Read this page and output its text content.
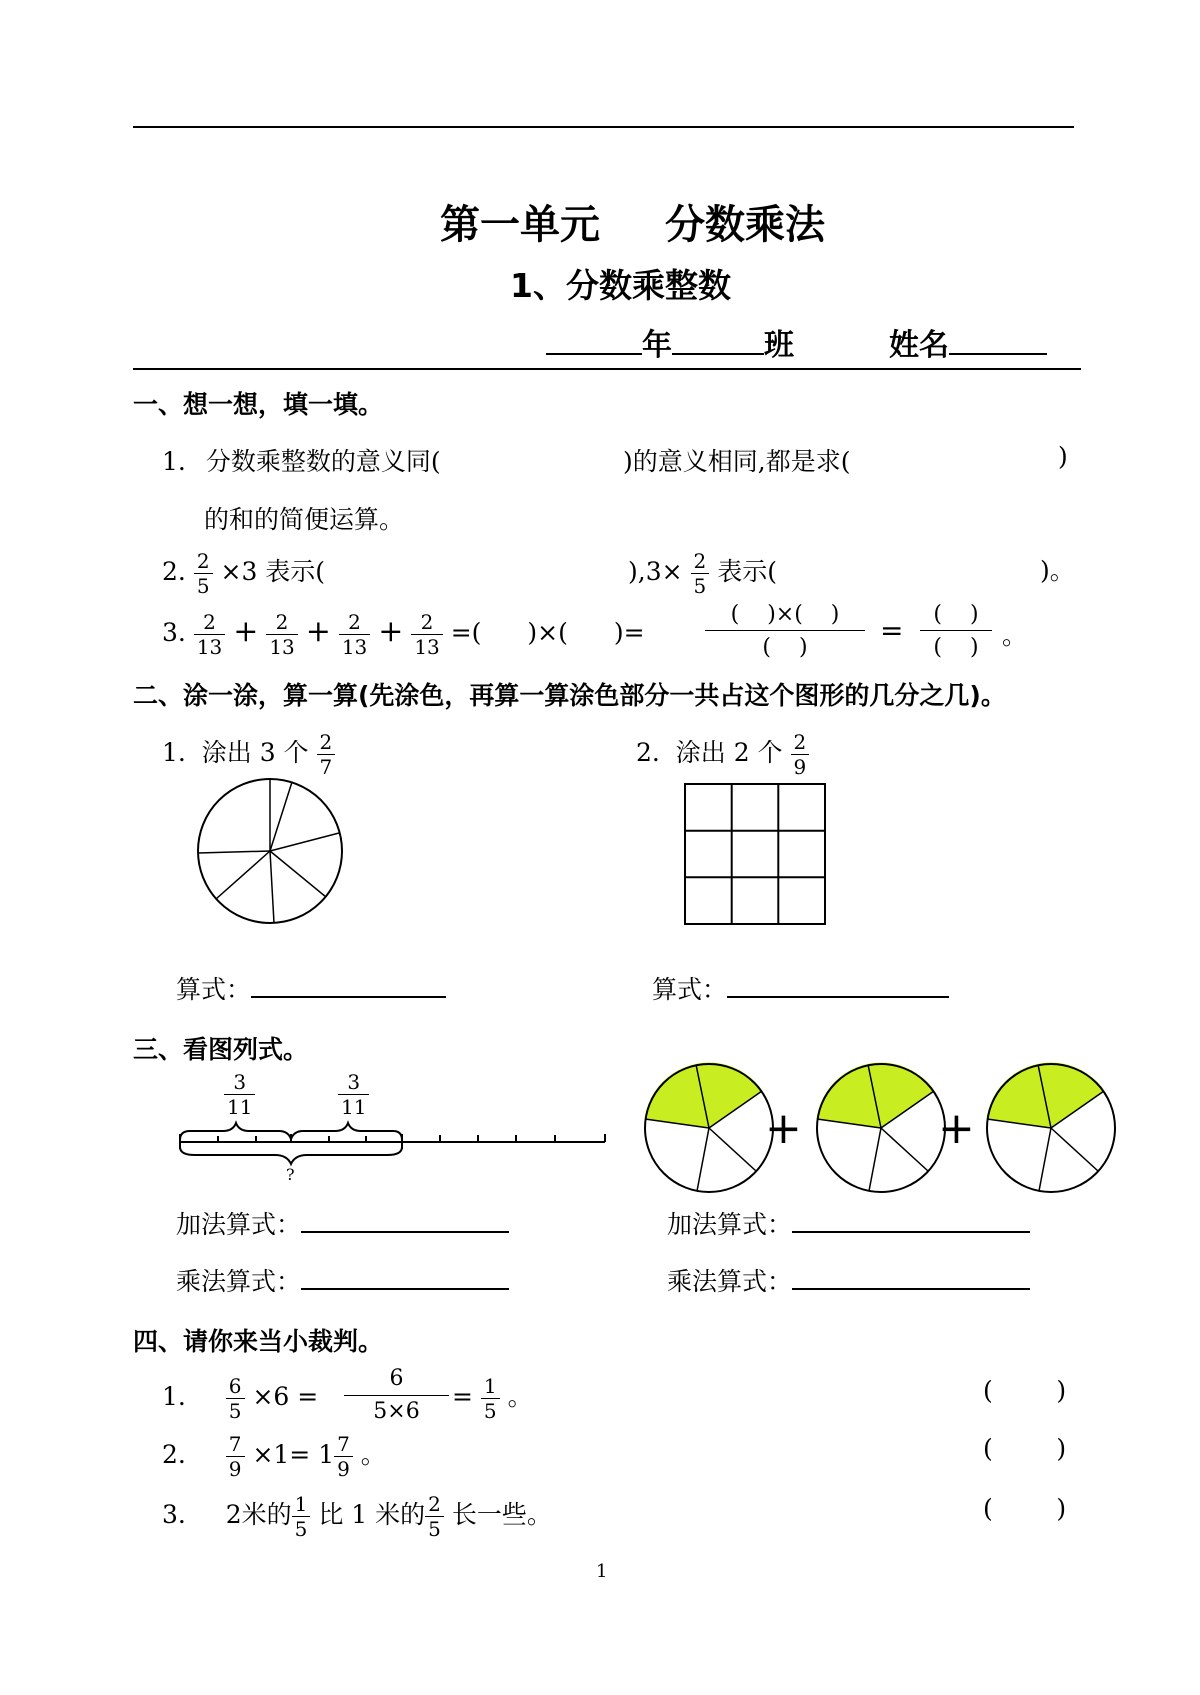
第一单元 分数乘法
1、分数乘整数
年	班	姓名
一、想一想，填一填。
1. 分数乘整数的意义同(	)的意义相同,都是求(	)
的和的简便运算。
2. $\frac{2}{5} \times 3$ 表示(	)$,3\times \frac{2}{5}$ 表示(	)。
3. $\frac{2}{13} + \frac{2}{13} + \frac{2}{13} + \frac{2}{13}$ =( )×( )=
(    )×(    )
(    )
=	(    )
(    ) 。
二、涂一涂，算一算(先涂色，再算一算涂色部分一共占这个图形的几分之几)。
1.  涂出 3 个 $\frac{2}{7}$	2.  涂出 2 个 $\frac{2}{9}$
算式：	算式：
三、看图列式。
$\frac{3}{11}$	$\frac{3}{11}$
?
+	+
加法算式：
乘法算式：
加法算式：
乘法算式：
四、请你来当小裁判。
1. $\frac{6}{5} \times 6 = \frac{6}{5\times 6} = \frac{1}{5}$ 。
2. $\frac{7}{9} \times 1= 1 \frac{7}{9}$ 。
3. 2米的 $\frac{1}{5}$ 比 1 米的 $\frac{2}{5}$ 长一些。
(        )
(        )
(        )
1
